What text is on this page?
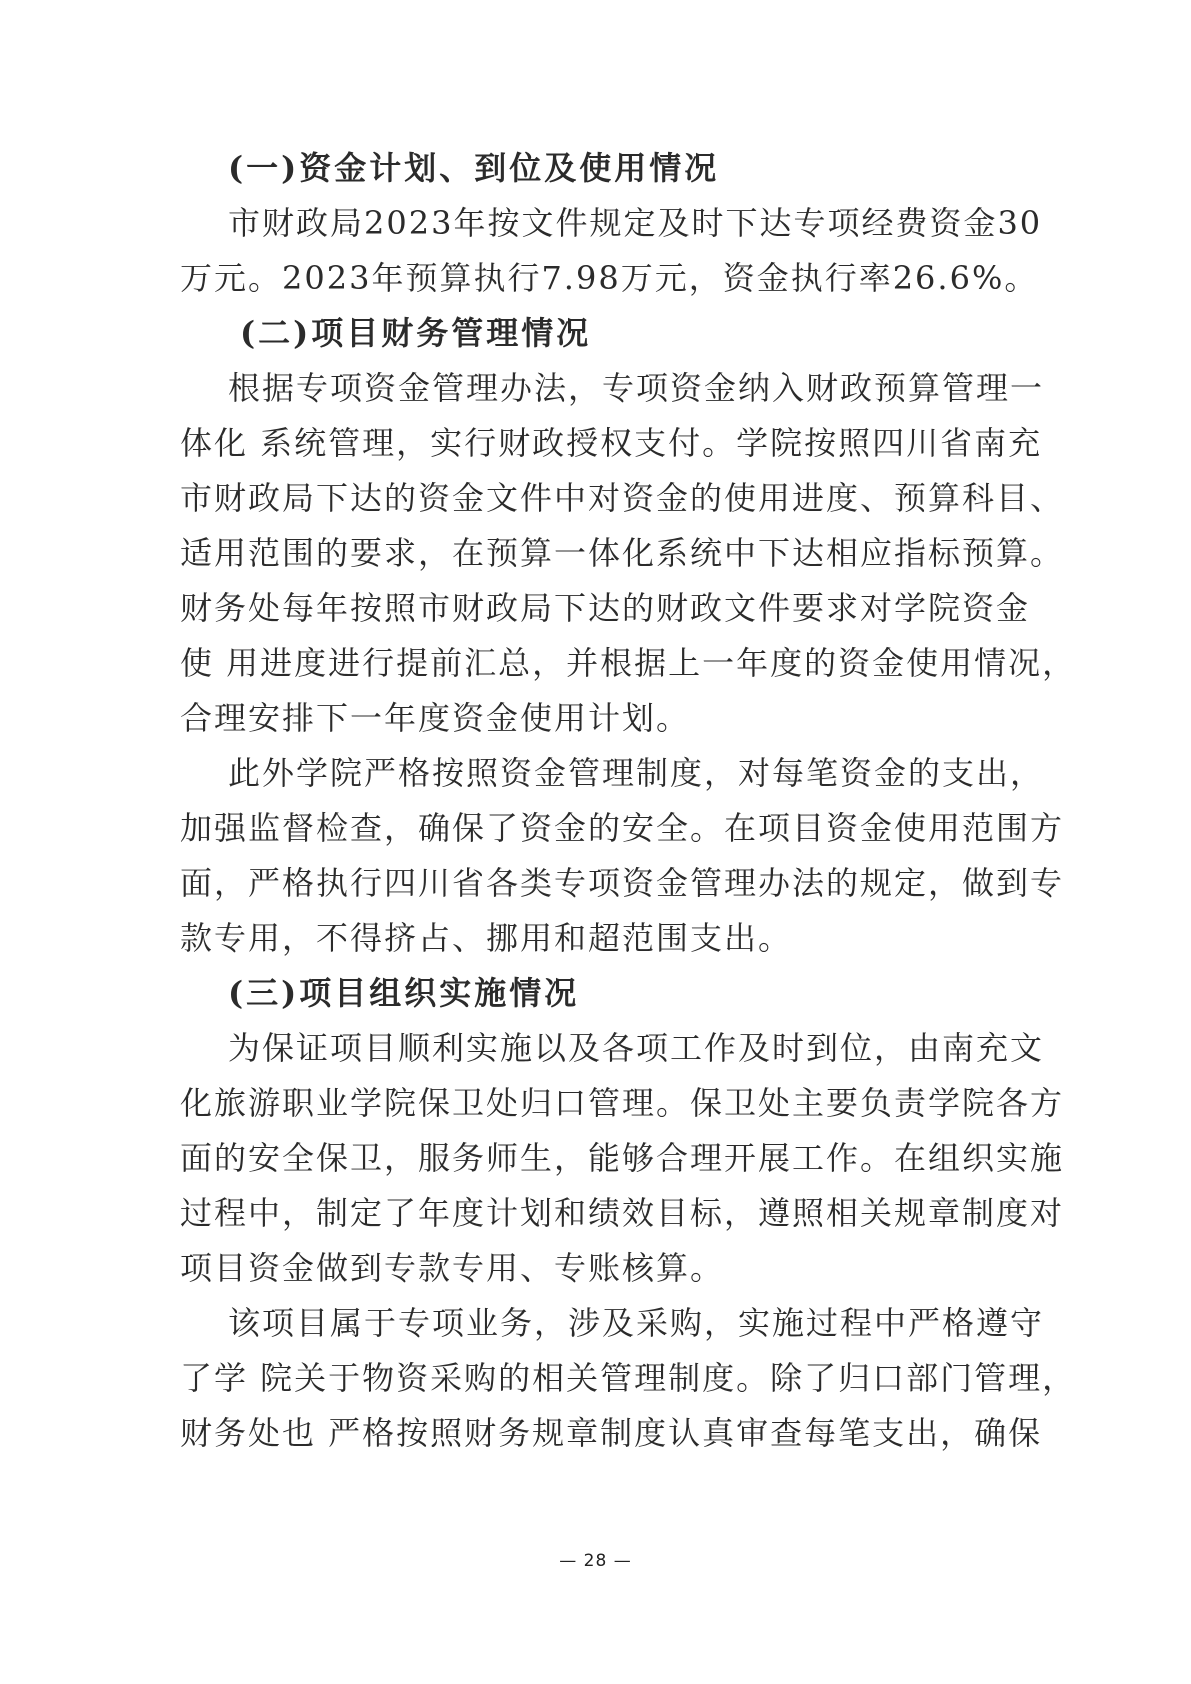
(一)资金计划、到位及使用情况
市财政局2023年按文件规定及时下达专项经费资金30
万元。2023年预算执行7.98万元，资金执行率26.6%。
(二)项目财务管理情况
根据专项资金管理办法，专项资金纳入财政预算管理一
体化 系统管理，实行财政授权支付。学院按照四川省南充
市财政局下达的资金文件中对资金的使用进度、预算科目、
适用范围的要求，在预算一体化系统中下达相应指标预算。
财务处每年按照市财政局下达的财政文件要求对学院资金
使 用进度进行提前汇总，并根据上一年度的资金使用情况，
合理安排下一年度资金使用计划。
此外学院严格按照资金管理制度，对每笔资金的支出，
加强监督检查，确保了资金的安全。在项目资金使用范围方
面，严格执行四川省各类专项资金管理办法的规定，做到专
款专用，不得挤占、挪用和超范围支出。
(三)项目组织实施情况
为保证项目顺利实施以及各项工作及时到位，由南充文
化旅游职业学院保卫处归口管理。保卫处主要负责学院各方
面的安全保卫，服务师生，能够合理开展工作。在组织实施
过程中，制定了年度计划和绩效目标，遵照相关规章制度对
项目资金做到专款专用、专账核算。
该项目属于专项业务，涉及采购，实施过程中严格遵守
了学 院关于物资采购的相关管理制度。除了归口部门管理，
财务处也 严格按照财务规章制度认真审查每笔支出，确保
— 28 —
